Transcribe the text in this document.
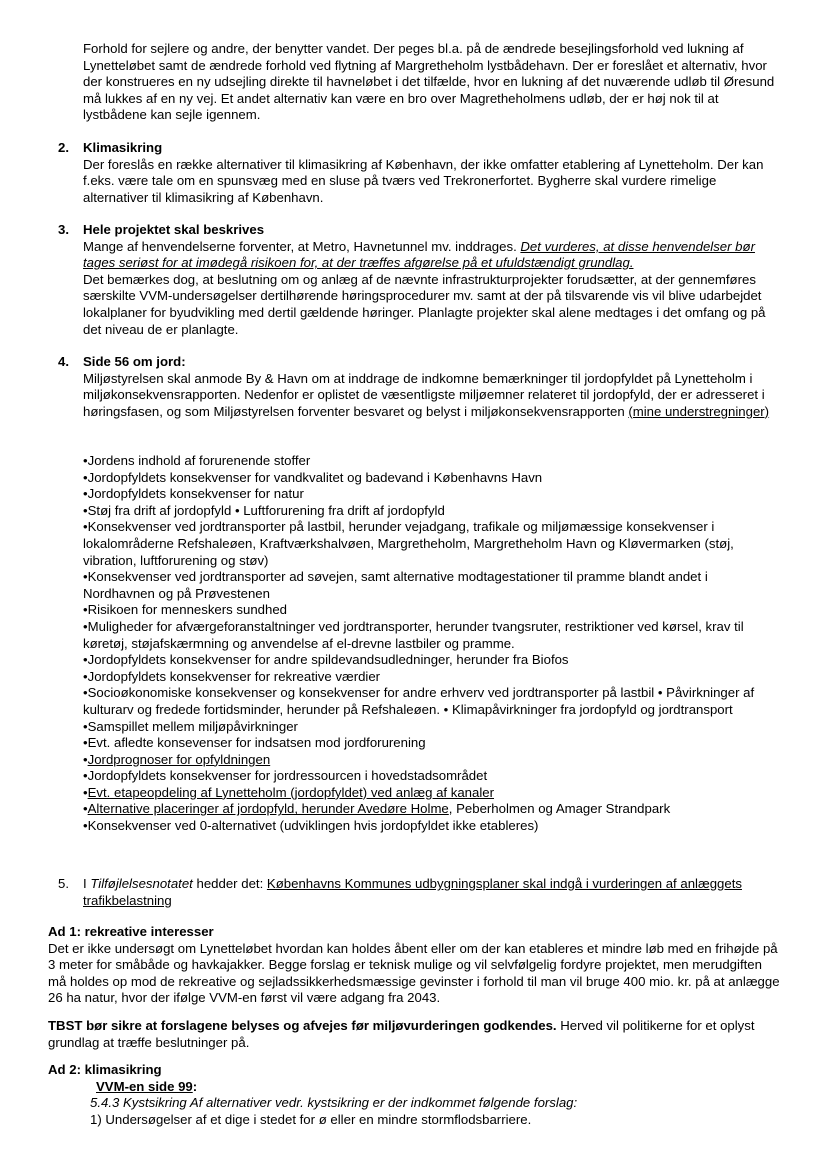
Forhold for sejlere og andre, der benytter vandet. Der peges bl.a. på de ændrede besejlingsforhold ved lukning af Lynetteløbet samt de ændrede forhold ved flytning af Margretheholm lystbådehavn. Der er foreslået et alternativ, hvor der konstrueres en ny udsejling direkte til havneløbet i det tilfælde, hvor en lukning af det nuværende udløb til Øresund må lukkes af en ny vej. Et andet alternativ kan være en bro over Magretheholmens udløb, der er høj nok til at lystbådene kan sejle igennem.

2. Klimasikring

Der foreslås en række alternativer til klimasikring af København, der ikke omfatter etablering af Lynetteholm. Der kan f.eks. være tale om en spunsvæg med en sluse på tværs ved Trekronerfortet. Bygherre skal vurdere rimelige alternativer til klimasikring af København.

3. Hele projektet skal beskrives

Mange af henvendelserne forventer, at Metro, Havnetunnel mv. inddrages. Det vurderes, at disse henvendelser bør tages seriøst for at imødegå risikoen for, at der træffes afgørelse på et ufuldstændigt grundlag.

Det bemærkes dog, at beslutning om og anlæg af de nævnte infrastrukturprojekter forudsætter, at der gennemføres særskilte VVM-undersøgelser dertilhørende høringsprocedurer mv. samt at der på tilsvarende vis vil blive udarbejdet lokalplaner for byudvikling med dertil gældende høringer. Planlagte projekter skal alene medtages i det omfang og på det niveau de er planlagte.

4. Side 56 om jord:

Miljøstyrelsen skal anmode By & Havn om at inddrage de indkomne bemærkninger til jordopfyldet på Lynetteholm i miljøkonsekvensrapporten. Nedenfor er oplistet de væsentligste miljøemner relateret til jordopfyld, der er adresseret i høringsfasen, og som Miljøstyrelsen forventer besvaret og belyst i miljøkonsekvensrapporten (mine understregninger)

• Jordens indhold af forurenende stoffer

• Jordopfyldets konsekvenser for vandkvalitet og badevand i Københavns Havn

• Jordopfyldets konsekvenser for natur

• Støj fra drift af jordopfyld • Luftforurening fra drift af jordopfyld

• Konsekvenser ved jordtransporter på lastbil, herunder vejadgang, trafikale og miljømæssige konsekvenser i lokalområderne Refshaleøen, Kraftværkshalvøen, Margretheholm, Margretheholm Havn og Kløvermarken (støj, vibration, luftforurening og støv)

• Konsekvenser ved jordtransporter ad søvejen, samt alternative modtagestationer til pramme blandt andet i Nordhavnen og på Prøvestenen

• Risikoen for menneskers sundhed

• Muligheder for afværgeforanstaltninger ved jordtransporter, herunder tvangsruter, restriktioner ved kørsel, krav til køretøj, støjafskærmning og anvendelse af el-drevne lastbiler og pramme.

• Jordopfyldets konsekvenser for andre spildevandsudledninger, herunder fra Biofos

• Jordopfyldets konsekvenser for rekreative værdier

• Socioøkonomiske konsekvenser og konsekvenser for andre erhverv ved jordtransporter på lastbil • Påvirkninger af kulturarv og fredede fortidsminder, herunder på Refshaleøen. • Klimapåvirkninger fra jordopfyld og jordtransport

• Samspillet mellem miljøpåvirkninger

• Evt. afledte konsevenser for indsatsen mod jordforurening

• Jordprognoser for opfyldningen

• Jordopfyldets konsekvenser for jordressourcen i hovedstadsområdet

• Evt. etapeopdeling af Lynetteholm (jordopfyldet) ved anlæg af kanaler

• Alternative placeringer af jordopfyld, herunder Avedøre Holme, Peberholmen og Amager Strandpark

• Konsekvenser ved 0-alternativet (udviklingen hvis jordopfyldet ikke etableres)

5. I Tilføjlelsesnotatet hedder det: Københavns Kommunes udbygningsplaner skal indgå i vurderingen af anlæggets trafikbelastning

Ad 1: rekreative interesser

Det er ikke undersøgt om Lynetteløbet hvordan kan holdes åbent eller om der kan etableres et mindre løb med en frihøjde på 3 meter for småbåde og havkajakker. Begge forslag er teknisk mulige og vil selvfølgelig fordyre projektet, men merudgiften må holdes op mod de rekreative og sejladssikkerhedsmæssige gevinster i forhold til man vil bruge 400 mio. kr. på at anlægge 26 ha natur, hvor der ifølge VVM-en først vil være adgang fra 2043.

TBST bør sikre at forslagene belyses og afvejes før miljøvurderingen godkendes. Herved vil politikerne for et oplyst grundlag at træffe beslutninger på.

Ad 2: klimasikring

VVM-en side 99:

5.4.3 Kystsikring Af alternativer vedr. kystsikring er der indkommet følgende forslag:

1) Undersøgelser af et dige i stedet for ø eller en mindre stormflodsbarriere.
